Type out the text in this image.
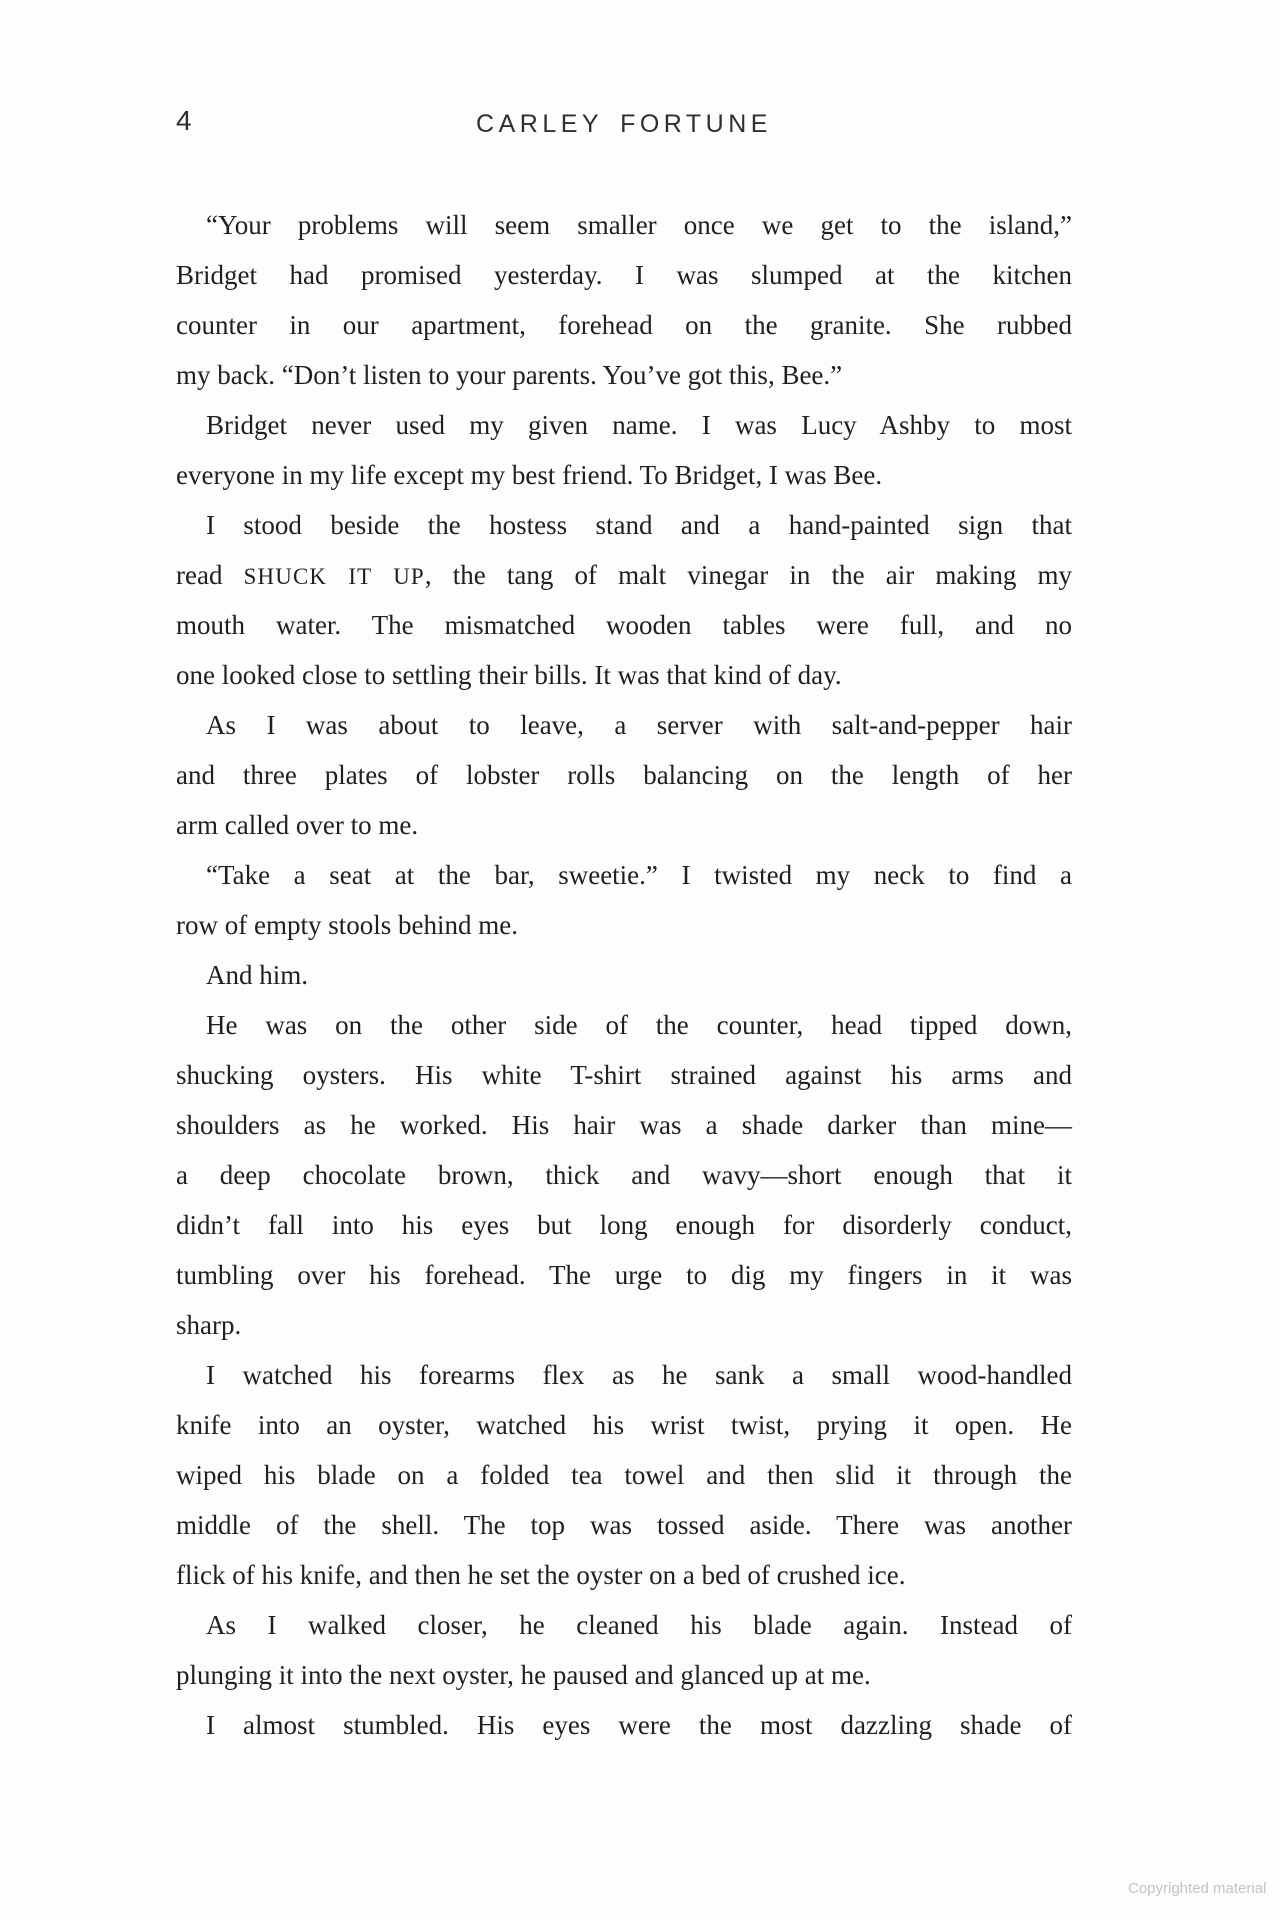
4	CARLEY FORTUNE
“Your problems will seem smaller once we get to the island,”
Bridget had promised yesterday. I was slumped at the kitchen
counter in our apartment, forehead on the granite. She rubbed
my back. “Don’t listen to your parents. You’ve got this, Bee.”
Bridget never used my given name. I was Lucy Ashby to most
everyone in my life except my best friend. To Bridget, I was Bee.
I stood beside the hostess stand and a hand-painted sign that
read SHUCK IT UP, the tang of malt vinegar in the air making my
mouth water. The mismatched wooden tables were full, and no
one looked close to settling their bills. It was that kind of day.
As I was about to leave, a server with salt-and-pepper hair
and three plates of lobster rolls balancing on the length of her
arm called over to me.
“Take a seat at the bar, sweetie.” I twisted my neck to find a
row of empty stools behind me.
And him.
He was on the other side of the counter, head tipped down,
shucking oysters. His white T-shirt strained against his arms and
shoulders as he worked. His hair was a shade darker than mine—
a deep chocolate brown, thick and wavy—short enough that it
didn’t fall into his eyes but long enough for disorderly conduct,
tumbling over his forehead. The urge to dig my fingers in it was
sharp.
I watched his forearms flex as he sank a small wood-handled
knife into an oyster, watched his wrist twist, prying it open. He
wiped his blade on a folded tea towel and then slid it through the
middle of the shell. The top was tossed aside. There was another
flick of his knife, and then he set the oyster on a bed of crushed ice.
As I walked closer, he cleaned his blade again. Instead of
plunging it into the next oyster, he paused and glanced up at me.
I almost stumbled. His eyes were the most dazzling shade of
Copyrighted material
